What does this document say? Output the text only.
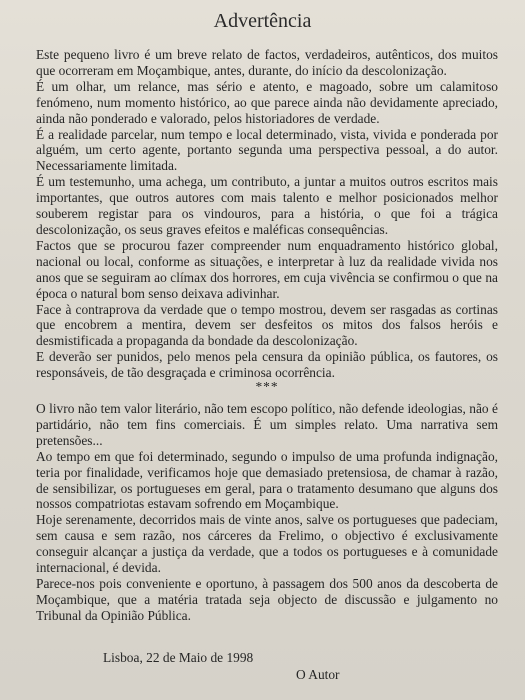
Advertência

Este pequeno livro é um breve relato de factos, verdadeiros, autênticos, dos muitos que ocorreram em Moçambique, antes, durante, do início da descolonização.

É um olhar, um relance, mas sério e atento, e magoado, sobre um calamitoso fenómeno, num momento histórico, ao que parece ainda não devidamente apreciado, ainda não ponderado e valorado, pelos historiadores de verdade.

É a realidade parcelar, num tempo e local determinado, vista, vivida e ponderada por alguém, um certo agente, portanto segunda uma perspectiva pessoal, a do autor. Necessariamente limitada.

É um testemunho, uma achega, um contributo, a juntar a muitos outros escritos mais importantes, que outros autores com mais talento e melhor posicionados melhor souberem registar para os vindouros, para a história, o que foi a trágica descolonização, os seus graves efeitos e maléficas consequências.

Factos que se procurou fazer compreender num enquadramento histórico global, nacional ou local, conforme as situações, e interpretar à luz da realidade vivida nos anos que se seguiram ao clímax dos horrores, em cuja vivência se confirmou o que na época o natural bom senso deixava adivinhar.

Face à contraprova da verdade que o tempo mostrou, devem ser rasgadas as cortinas que encobrem a mentira, devem ser desfeitos os mitos dos falsos heróis e desmistificada a propaganda da bondade da descolonização.

E deverão ser punidos, pelo menos pela censura da opinião pública, os fautores, os responsáveis, de tão desgraçada e criminosa ocorrência.

***

O livro não tem valor literário, não tem escopo político, não defende ideologias, não é partidário, não tem fins comerciais. É um simples relato. Uma narrativa sem pretensões...

Ao tempo em que foi determinado, segundo o impulso de uma profunda indignação, teria por finalidade, verificamos hoje que demasiado pretensiosa, de chamar à razão, de sensibilizar, os portugueses em geral, para o tratamento desumano que alguns dos nossos compatriotas estavam sofrendo em Moçambique.

Hoje serenamente, decorridos mais de vinte anos, salve os portugueses que padeciam, sem causa e sem razão, nos cárceres da Frelimo, o objectivo é exclusivamente conseguir alcançar a justiça da verdade, que a todos os portugueses e à comunidade internacional, é devida.

Parece-nos pois conveniente e oportuno, à passagem dos 500 anos da descoberta de Moçambique, que a matéria tratada seja objecto de discussão e julgamento no Tribunal da Opinião Pública.

Lisboa, 22 de Maio de 1998
O Autor
